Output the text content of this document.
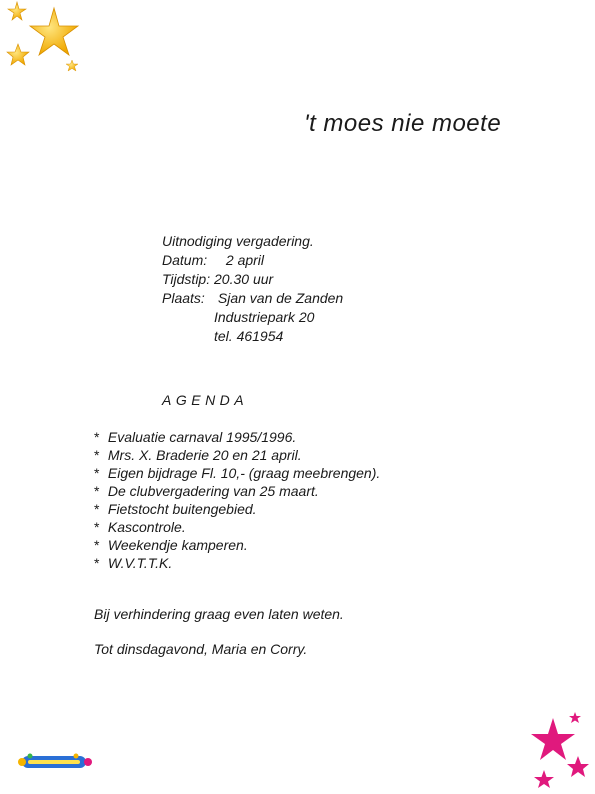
't moes nie moete
Uitnodiging vergadering.
Datum: 2 april
Tijdstip: 20.30 uur
Plaats: Sjan van de Zanden
Industriepark 20
tel. 461954
AGENDA
* Evaluatie carnaval 1995/1996.
* Mrs. X. Braderie 20 en 21 april.
* Eigen bijdrage Fl. 10,- (graag meebrengen).
* De clubvergadering van 25 maart.
* Fietstocht buitengebied.
* Kascontrole.
* Weekendje kamperen.
* W.V.T.T.K.
Bij verhindering graag even laten weten.
Tot dinsdagavond, Maria en Corry.
